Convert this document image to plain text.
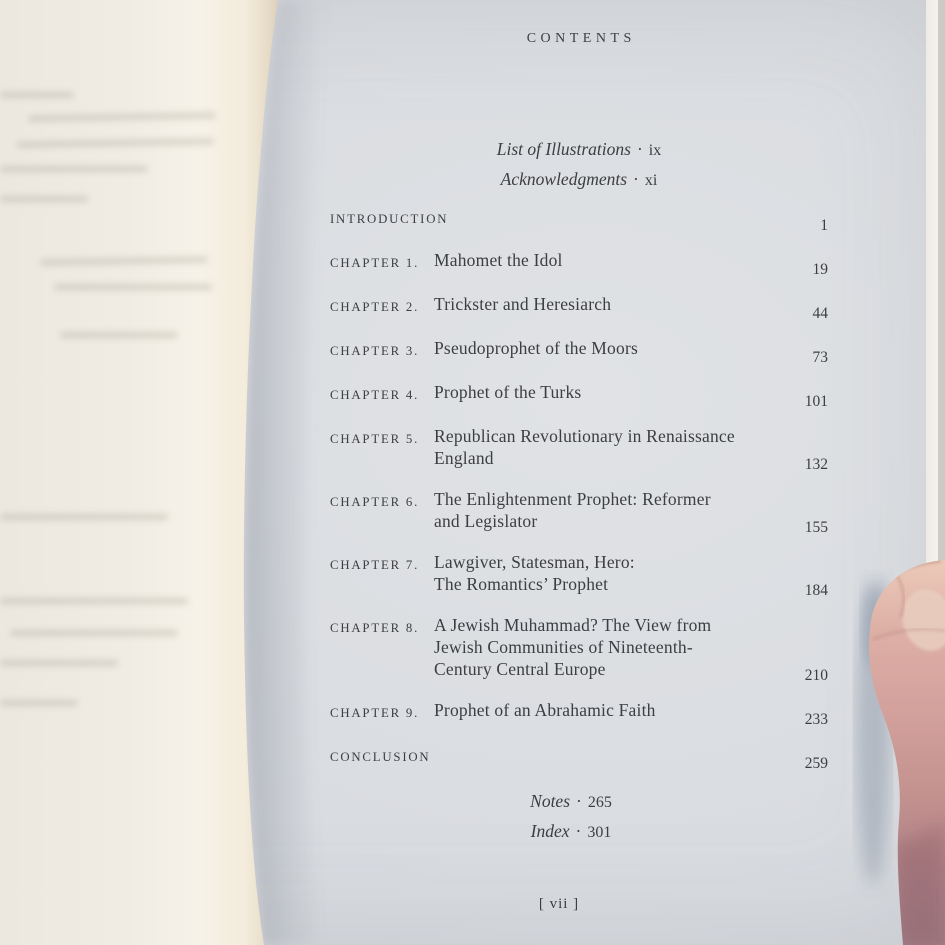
CONTENTS
List of Illustrations · ix
Acknowledgments · xi
INTRODUCTION	1
CHAPTER 1. Mahomet the Idol	19
CHAPTER 2. Trickster and Heresiarch	44
CHAPTER 3. Pseudoprophet of the Moors	73
CHAPTER 4. Prophet of the Turks	101
CHAPTER 5. Republican Revolutionary in Renaissance
England	132
CHAPTER 6. The Enlightenment Prophet: Reformer
and Legislator	155
CHAPTER 7. Lawgiver, Statesman, Hero:
The Romantics’ Prophet	184
CHAPTER 8. A Jewish Muhammad? The View from
Jewish Communities of Nineteenth-
Century Central Europe	210
CHAPTER 9. Prophet of an Abrahamic Faith	233
CONCLUSION	259
Notes · 265
Index · 301
[ vii ]
